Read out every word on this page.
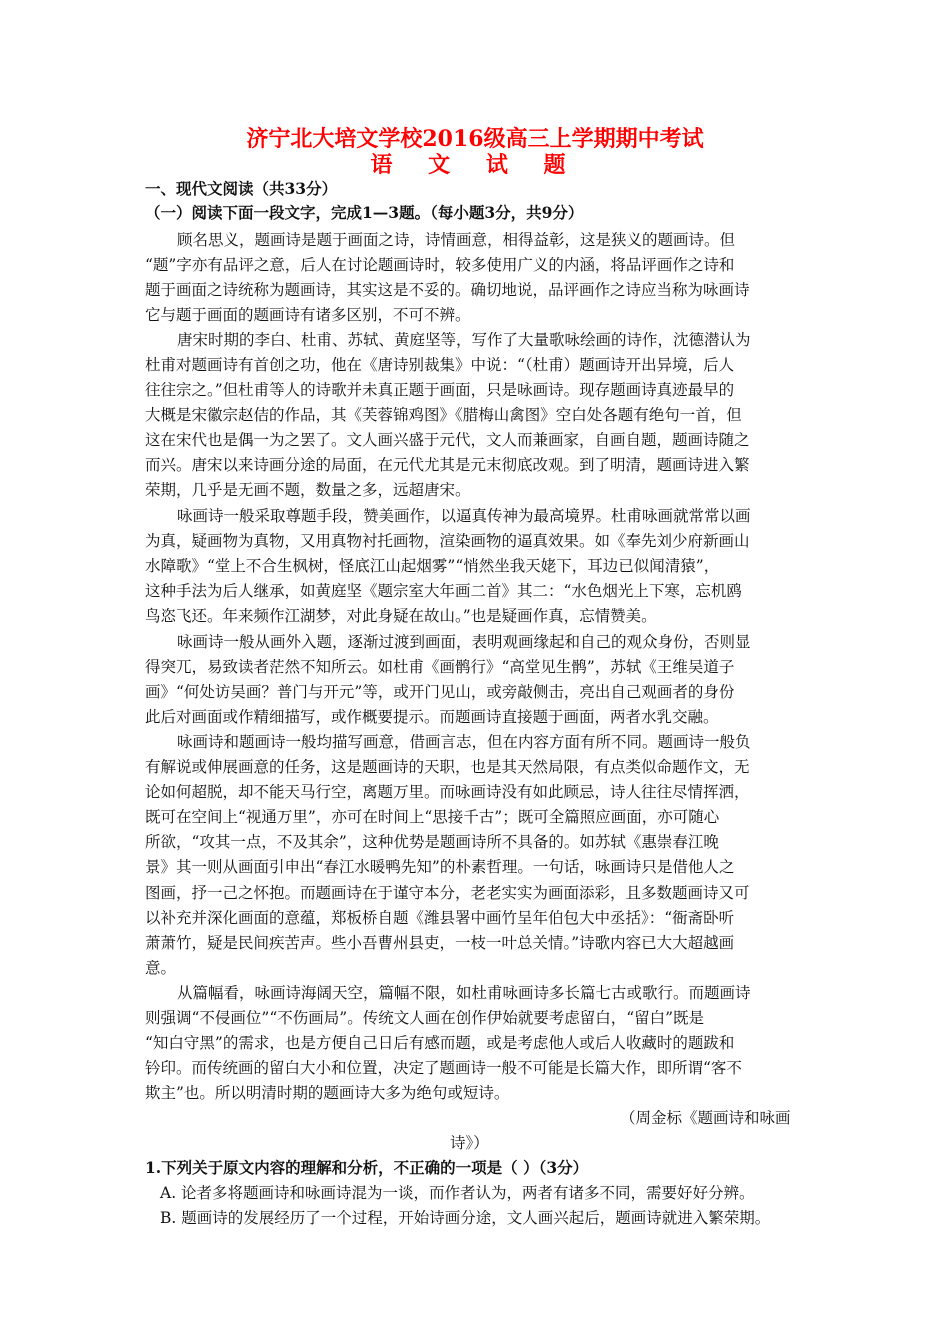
济宁北大培文学校2016级高三上学期期中考试
语 文 试 题
一、现代文阅读（共33分）
（一）阅读下面一段文字，完成1—3题。（每小题3分，共9分）
顾名思义，题画诗是题于画面之诗，诗情画意，相得益彰，这是狭义的题画诗。但
“题”字亦有品评之意，后人在讨论题画诗时，较多使用广义的内涵，将品评画作之诗和
题于画面之诗统称为题画诗，其实这是不妥的。确切地说，品评画作之诗应当称为咏画诗
它与题于画面的题画诗有诸多区别，不可不辨。
唐宋时期的李白、杜甫、苏轼、黄庭坚等，写作了大量歌咏绘画的诗作，沈德潜认为
杜甫对题画诗有首创之功，他在《唐诗别裁集》中说：“（杜甫）题画诗开出异境，后人
往往宗之。”但杜甫等人的诗歌并未真正题于画面，只是咏画诗。现存题画诗真迹最早的
大概是宋徽宗赵佶的作品，其《芙蓉锦鸡图》《腊梅山禽图》空白处各题有绝句一首，但
这在宋代也是偶一为之罢了。文人画兴盛于元代，文人而兼画家，自画自题，题画诗随之
而兴。唐宋以来诗画分途的局面，在元代尤其是元末彻底改观。到了明清，题画诗进入繁
荣期，几乎是无画不题，数量之多，远超唐宋。
咏画诗一般采取尊题手段，赞美画作，以逼真传神为最高境界。杜甫咏画就常常以画
为真，疑画物为真物，又用真物衬托画物，渲染画物的逼真效果。如《奉先刘少府新画山
水障歌》“堂上不合生枫树，怪底江山起烟雾”“悄然坐我天姥下，耳边已似闻清猿”，
这种手法为后人继承，如黄庭坚《题宗室大年画二首》其二：“水色烟光上下寒，忘机鸥
鸟恣飞还。年来频作江湖梦，对此身疑在故山。”也是疑画作真，忘情赞美。
咏画诗一般从画外入题，逐渐过渡到画面，表明观画缘起和自己的观众身份，否则显
得突兀，易致读者茫然不知所云。如杜甫《画鹘行》“高堂见生鹘”，苏轼《王维吴道子
画》“何处访吴画？普门与开元”等，或开门见山，或旁敲侧击，亮出自己观画者的身份
此后对画面或作精细描写，或作概要提示。而题画诗直接题于画面，两者水乳交融。
咏画诗和题画诗一般均描写画意，借画言志，但在内容方面有所不同。题画诗一般负
有解说或伸展画意的任务，这是题画诗的天职，也是其天然局限，有点类似命题作文，无
论如何超脱，却不能天马行空，离题万里。而咏画诗没有如此顾忌，诗人往往尽情挥洒，
既可在空间上“视通万里”，亦可在时间上“思接千古”；既可全篇照应画面，亦可随心
所欲，“攻其一点，不及其余”，这种优势是题画诗所不具备的。如苏轼《惠崇春江晚
景》其一则从画面引申出“春江水暖鸭先知”的朴素哲理。一句话，咏画诗只是借他人之
图画，抒一己之怀抱。而题画诗在于谨守本分，老老实实为画面添彩，且多数题画诗又可
以补充并深化画面的意蕴，郑板桥自题《潍县署中画竹呈年伯包大中丞括》：“衙斋卧听
萧萧竹，疑是民间疾苦声。些小吾曹州县吏，一枝一叶总关情。”诗歌内容已大大超越画
意。
从篇幅看，咏画诗海阔天空，篇幅不限，如杜甫咏画诗多长篇七古或歌行。而题画诗
则强调“不侵画位”“不伤画局”。传统文人画在创作伊始就要考虑留白，“留白”既是
“知白守黑”的需求，也是方便自己日后有感而题，或是考虑他人或后人收藏时的题跋和
钤印。而传统画的留白大小和位置，决定了题画诗一般不可能是长篇大作，即所谓“客不
欺主”也。所以明清时期的题画诗大多为绝句或短诗。
（周金标《题画诗和咏画
诗》）
1.下列关于原文内容的理解和分析，不正确的一项是（ ）（3分）
A. 论者多将题画诗和咏画诗混为一谈，而作者认为，两者有诸多不同，需要好好分辨。
B. 题画诗的发展经历了一个过程，开始诗画分途，文人画兴起后，题画诗就进入繁荣期。
